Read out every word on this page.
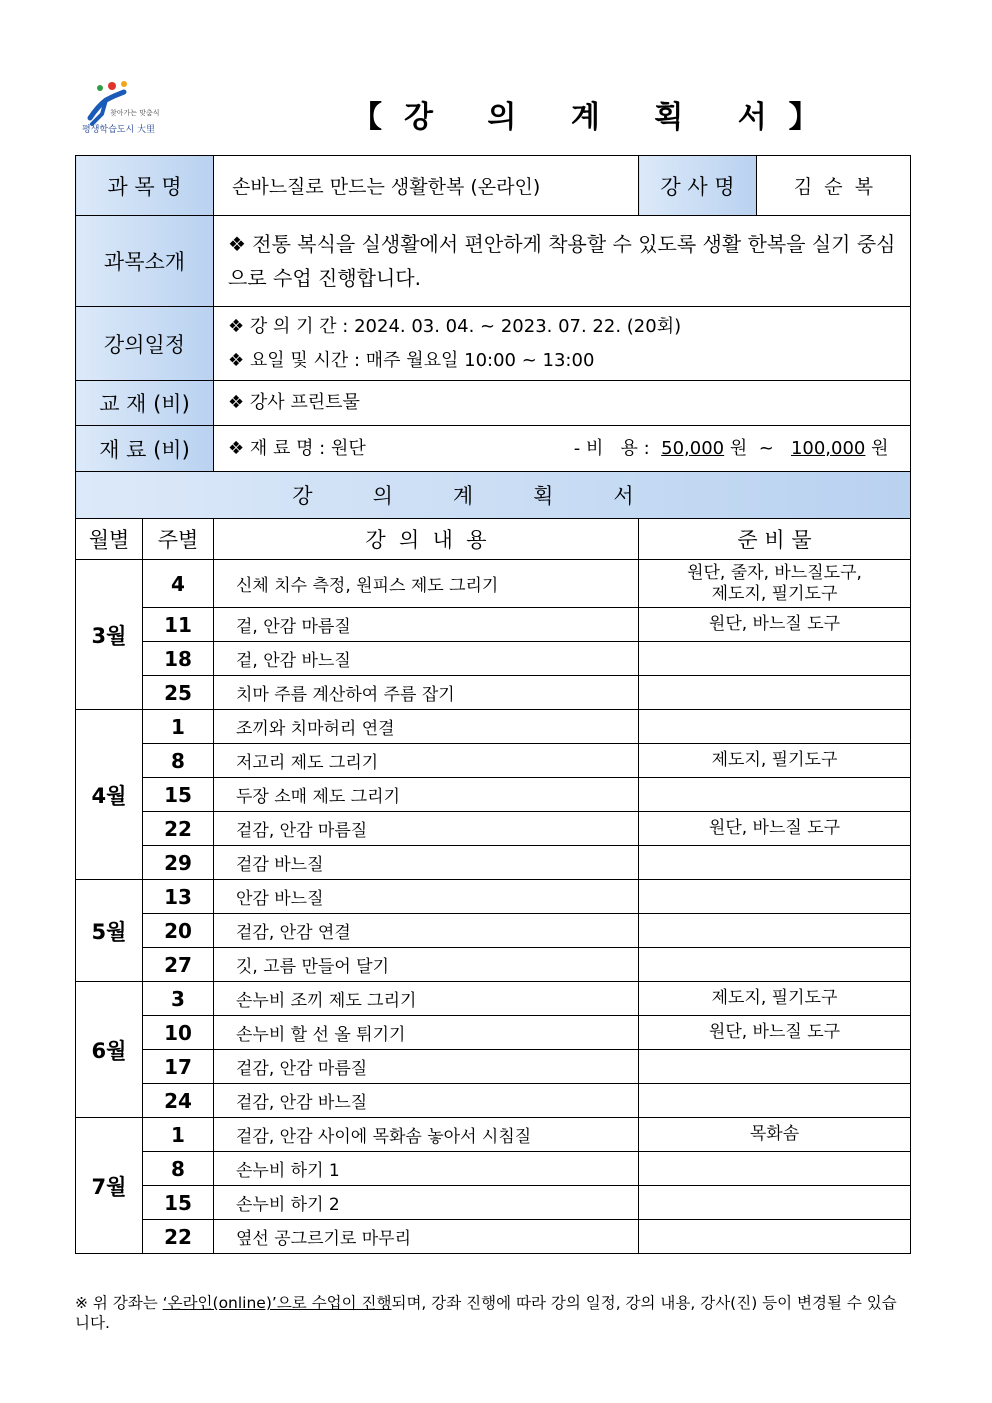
찾아가는 맞춤식
평생학습도시 大里	【강 의 계 획 서】
과 목 명		손바느질로 만드는 생활한복 (온라인)	강 사 명	김  순  복
과목소개		❖ 전통 복식을 실생활에서 편안하게 착용할 수 있도록 생활 한복을 실기 중심으로 수업 진행합니다.		
강의일정		❖ 강 의 기 간 : 2024. 03. 04. ~ 2023. 07. 22. (20회)
❖ 요일 및 시간 : 매주 월요일 10:00 ~ 13:00		

교 재 (비)		❖ 강사 프린트물		
재 료 (비)		❖ 재 료 명 : 원단 - 비   용 :  50,000 원  ~   100,000 원		
강의계획서				
월별	주별	강  의  내  용	준 비 물	
3월	4	신체 치수 측정, 원피스 제도 그리기	원단, 줄자, 바느질도구,
제도지, 필기도구	
	11	겉, 안감 마름질	원단, 바느질 도구	
	18	겉, 안감 바느질		
	25	치마 주름 계산하여 주름 잡기		
4월	1	조끼와 치마허리 연결		
	8	저고리 제도 그리기	제도지, 필기도구	
	15	두장 소매 제도 그리기		
	22	겉감, 안감 마름질	원단, 바느질 도구	
	29	겉감 바느질		
5월	13	안감 바느질		
	20	겉감, 안감 연결		
	27	깃, 고름 만들어 달기		
6월	3	손누비 조끼 제도 그리기	제도지, 필기도구	
	10	손누비 할 선 올 튀기기	원단, 바느질 도구	
	17	겉감, 안감 마름질		
	24	겉감, 안감 바느질		
7월	1	겉감, 안감 사이에 목화솜 놓아서 시침질	목화솜	
	8	손누비 하기 1		
	15	손누비 하기 2		
	22	옆선 공그르기로 마무리		
※ 위 강좌는 ‘온라인(online)’으로 수업이 진행되며, 강좌 진행에 따라 강의 일정, 강의 내용, 강사(진) 등이 변경될 수 있습니다.
